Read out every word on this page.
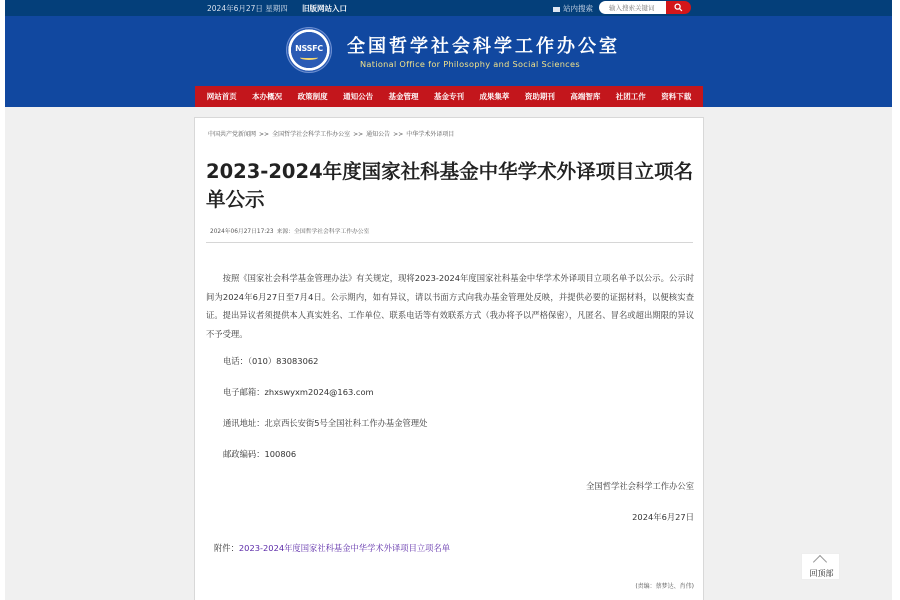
2024年6月27日 星期四 旧版网站入口	站内搜索
输入搜索关键词
NSSFC	全国哲学社会科学工作办公室
National Office for Philosophy and Social Sciences
网站首页 本办概况 政策制度 通知公告 基金管理 基金专刊 成果集萃 资助期刊 高端智库 社团工作 资料下载
中国共产党新闻网 >> 全国哲学社会科学工作办公室 >> 通知公告 >> 中华学术外译项目
2023-2024年度国家社科基金中华学术外译项目立项名单公示
2024年06月27日17:23 来源：全国哲学社会科学工作办公室

按照《国家社会科学基金管理办法》有关规定，现将2023-2024年度国家社科基金中华学术外译项目立项名单予以公示。公示时间为2024年6月27日至7月4日。公示期内，如有异议，请以书面方式向我办基金管理处反映，并提供必要的证据材料，以便核实查证。提出异议者须提供本人真实姓名、工作单位、联系电话等有效联系方式（我办将予以严格保密），凡匿名、冒名或超出期限的异议不予受理。

电话：（010）83083062
电子邮箱：zhxswyxm2024@163.com
通讯地址：北京西长安街5号全国社科工作办基金管理处
邮政编码：100806
全国哲学社会科学工作办公室
2024年6月27日
附件：2023-2024年度国家社科基金中华学术外译项目立项名单
(责编：蔡梦达、肖伟)
回顶部
